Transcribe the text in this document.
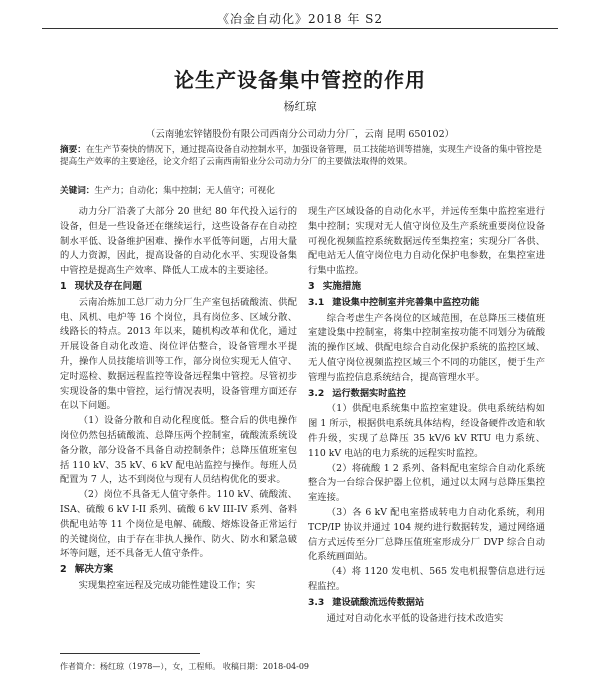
《冶金自动化》2018 年 S2
论生产设备集中管控的作用
杨红琼
（云南驰宏锌锗股份有限公司西南分公司动力分厂，云南 昆明 650102）
摘要：在生产节奏快的情况下，通过提高设备自动控制水平，加强设备管理，员工技能培训等措施，实现生产设备的集中管控是提高生产效率的主要途径，论文介绍了云南西南铅业分公司动力分厂的主要做法取得的效果。
关键词：生产力；自动化；集中控制；无人值守；可视化

动力分厂沿袭了大部分 20 世纪 80 年代投入运行的设备，但是一些设备还在继续运行，这些设备存在自动控制水平低、设备维护困难、操作水平低等问题，占用大量的人力资源，因此，提高设备的自动化水平、实现设备集中管控是提高生产效率、降低人工成本的主要途径。

1 现状及存在问题

云南冶炼加工总厂动力分厂生产室包括硫酸流、供配电、风机、电炉等 16 个岗位，具有岗位多、区域分散、线路长的特点。2013 年以来，随机构改革和优化，通过开展设备自动化改造、岗位评估整合，设备管理水平提升，操作人员技能培训等工作，部分岗位实现无人值守、定时巡检、数据远程监控等设备远程集中管控。尽管初步实现设备的集中管控，运行情况表明，设备管理方面还存在以下问题。

（1）设备分散和自动化程度低。整合后的供电操作岗位仍然包括硫酸流、总降压两个控制室，硫酸流系统设备分散，部分设备不具备自动控制条件；总降压值班室包括 110 kV、35 kV、6 kV 配电站监控与操作。每班人员配置为 7 人，达不到岗位与现有人员结构优化的要求。

（2）岗位不具备无人值守条件。110 kV、硫酸流、ISA、硫酸 6 kV I-II 系列、硫酸 6 kV III-IV 系列、备料供配电站等 11 个岗位是电解、硫酸、熔炼设备正常运行的关键岗位，由于存在非执人操作、防火、防水和紧急破坏等问题，还不具备无人值守条件。

2 解决方案

实现集控室远程及完成功能性建设工作；实

现生产区域设备的自动化水平，并远传至集中监控室进行集中控制；实现对无人值守岗位及生产系统重要岗位设备可视化视频监控系统数据远传至集控室；实现分厂各供、配电站无人值守岗位电力自动化保护电参数，在集控室进行集中监控。

3 实施措施
3.1 建设集中控制室并完善集中监控功能

综合考虑生产各岗位的区域范围，在总降压三楼值班室建设集中控制室，将集中控制室按功能不同划分为硫酸流的操作区域、供配电综合自动化保护系统的监控区域、无人值守岗位视频监控区域三个不同的功能区，便于生产管理与监控信息系统结合，提高管理水平。

3.2 运行数据实时监控

（1）供配电系统集中监控室建设。供电系统结构如图 1 所示，根据供电系统具体结构，经设备硬件改造和软件升级，实现了总降压 35 kV/6 kV RTU 电力系统、110 kV 电站的电力系统的远程实时监控。

（2）将硫酸 1 2 系列、备料配电室综合自动化系统整合为一台综合保护器上位机，通过以太网与总降压集控室连接。

（3）各 6 kV 配电室搭成转电力自动化系统，利用 TCP/IP 协议并通过 104 规约进行数据转发，通过网络通信方式远传至分厂总降压值班室形成分厂 DVP 综合自动化系统画面站。

（4）将 1120 发电机、565 发电机报警信息进行远程监控。

3.3 建设硫酸流远传数据站

通过对自动化水平低的设备进行技术改造实

作者简介：杨红琼（1978—），女，工程师。 收稿日期：2018-04-09
